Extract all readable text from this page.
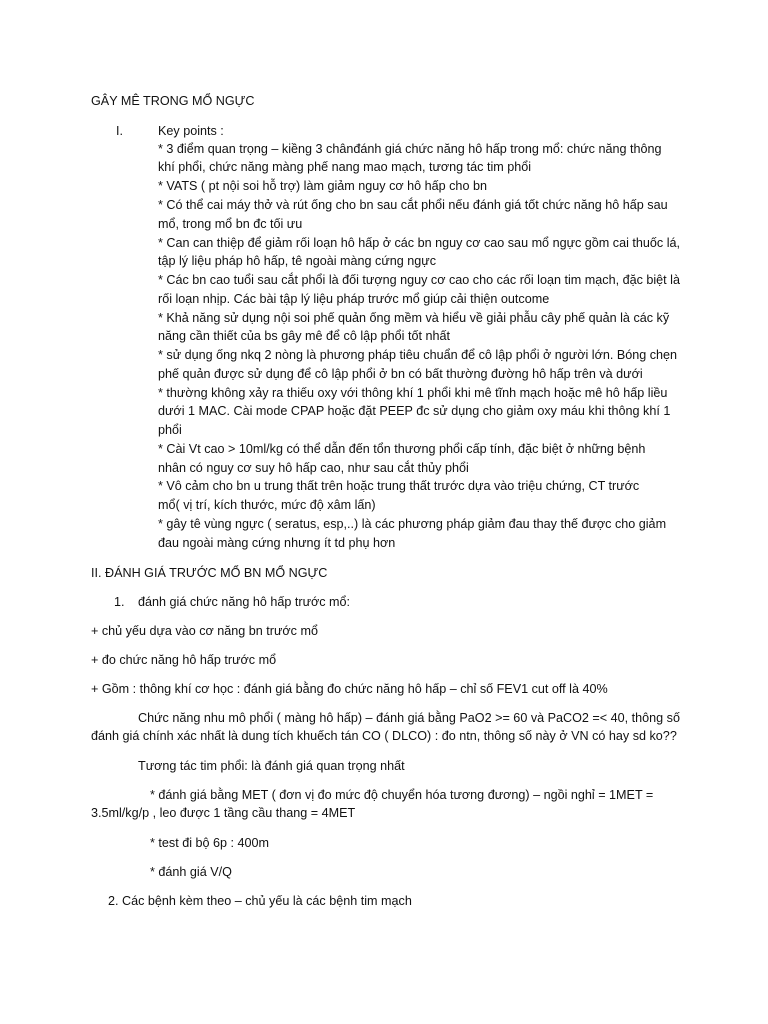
GÂY MÊ TRONG MỔ NGỰC
I.	Key points :
* 3 điểm quan trọng – kiềng 3 chânđánh giá chức năng hô hấp trong mổ: chức năng thông
khí phổi, chức năng màng phế nang mao mạch, tương tác tim phổi
* VATS ( pt nội soi hỗ trợ) làm giảm nguy cơ hô hấp cho bn
* Có thể cai máy thở và rút ống cho bn sau cắt phổi nếu đánh giá tốt chức năng hô hấp sau
mổ, trong mổ bn đc tối ưu
* Can can thiệp để giảm rối loạn hô hấp ở các bn nguy cơ cao sau mổ ngực gồm cai thuốc lá,
tập lý liệu pháp hô hấp, tê ngoài màng cứng ngực
* Các bn cao tuổi sau cắt phổi là đối tượng nguy cơ cao cho các rối loạn tim mạch, đặc biệt là
rối loạn nhịp. Các bài tập lý liệu pháp trước mổ giúp cải thiện outcome
* Khả năng sử dụng nội soi phế quản ống mềm và hiểu về giải phẫu cây phế quản là các kỹ
năng cần thiết của bs gây mê để cô lập phổi tốt nhất
* sử dụng ống nkq 2 nòng là phương pháp tiêu chuẩn để cô lập phổi ở người lớn. Bóng chẹn
phế quản được sử dụng để cô lập phổi ở bn có bất thường đường hô hấp trên và dưới
* thường không xảy ra thiếu oxy với thông khí 1 phổi khi mê tĩnh mạch hoặc mê hô hấp liều
dưới 1 MAC. Cài mode CPAP hoặc đặt PEEP đc sử dụng cho giảm oxy máu khi thông khí 1
phổi
* Cài Vt cao > 10ml/kg có thể dẫn đến tổn thương phổi cấp tính, đặc biệt ở những bệnh
nhân có nguy cơ suy hô hấp cao, như sau cắt thủy phổi
* Vô cảm cho bn u trung thất trên hoặc trung thất trước dựa vào triệu chứng, CT trước
mổ( vị trí, kích thước, mức độ xâm lấn)
* gây tê vùng ngực ( seratus, esp,..) là các phương pháp giảm đau thay thế được cho giảm
đau ngoài màng cứng nhưng ít td phụ hơn
II. ĐÁNH GIÁ TRƯỚC MỔ BN MỔ NGỰC
1. đánh giá chức năng hô hấp trước mổ:
+ chủ yếu dựa vào cơ năng bn trước mổ
+ đo chức năng hô hấp trước mổ
+ Gồm : thông khí cơ học : đánh giá bằng đo chức năng hô hấp – chỉ số FEV1 cut off là 40%
Chức năng nhu mô phổi ( màng hô hấp) – đánh giá bằng PaO2 >= 60 và PaCO2 =< 40, thông số
đánh giá chính xác nhất là dung tích khuếch tán CO ( DLCO) : đo ntn, thông số này ở VN có hay sd ko??
Tương tác tim phổi: là đánh giá quan trọng nhất
* đánh giá bằng MET ( đơn vị đo mức độ chuyển hóa tương đương) – ngồi nghỉ = 1MET =
3.5ml/kg/p , leo được 1 tầng cầu thang = 4MET
* test đi bộ 6p : 400m
* đánh giá V/Q
2. Các bệnh kèm theo – chủ yếu là các bệnh tim mạch
